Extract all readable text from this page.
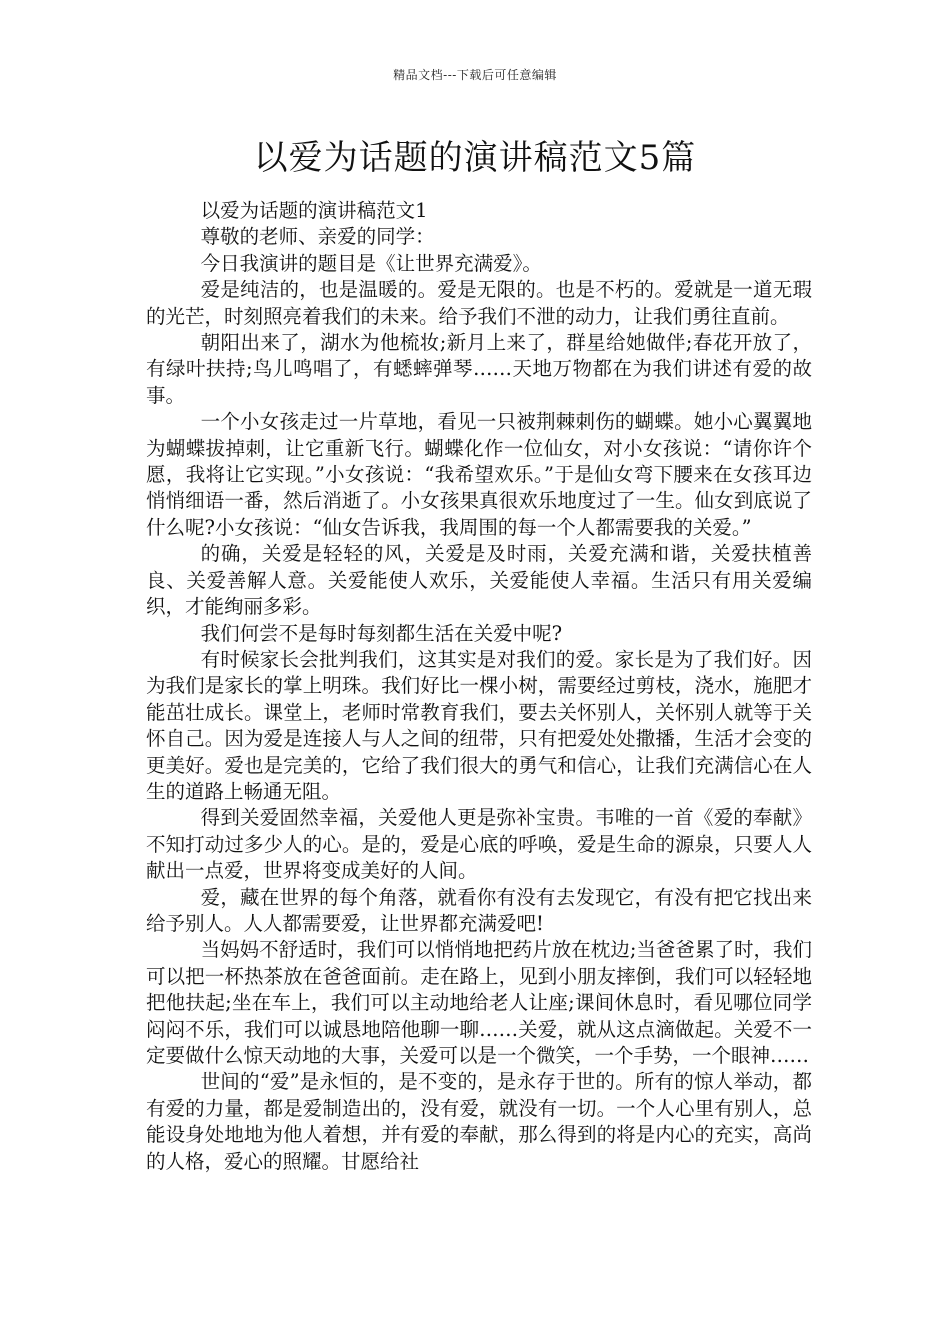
精品文档---下载后可任意编辑
以爱为话题的演讲稿范文5篇

以爱为话题的演讲稿范文1

尊敬的老师、亲爱的同学：

今日我演讲的题目是《让世界充满爱》。

爱是纯洁的，也是温暖的。爱是无限的。也是不朽的。爱就是一道无瑕的光芒，时刻照亮着我们的未来。给予我们不泄的动力，让我们勇往直前。

朝阳出来了，湖水为他梳妆;新月上来了，群星给她做伴;春花开放了，有绿叶扶持;鸟儿鸣唱了，有蟋蟀弹琴……天地万物都在为我们讲述有爱的故事。

一个小女孩走过一片草地，看见一只被荆棘刺伤的蝴蝶。她小心翼翼地为蝴蝶拔掉刺，让它重新飞行。蝴蝶化作一位仙女，对小女孩说：“请你许个愿，我将让它实现。”小女孩说：“我希望欢乐。”于是仙女弯下腰来在女孩耳边悄悄细语一番，然后消逝了。小女孩果真很欢乐地度过了一生。仙女到底说了什么呢?小女孩说：“仙女告诉我，我周围的每一个人都需要我的关爱。”

的确，关爱是轻轻的风，关爱是及时雨，关爱充满和谐，关爱扶植善良、关爱善解人意。关爱能使人欢乐，关爱能使人幸福。生活只有用关爱编织，才能绚丽多彩。

我们何尝不是每时每刻都生活在关爱中呢?

有时候家长会批判我们，这其实是对我们的爱。家长是为了我们好。因为我们是家长的掌上明珠。我们好比一棵小树，需要经过剪枝，浇水，施肥才能茁壮成长。课堂上，老师时常教育我们，要去关怀别人，关怀别人就等于关怀自己。因为爱是连接人与人之间的纽带，只有把爱处处撒播，生活才会变的更美好。爱也是完美的，它给了我们很大的勇气和信心，让我们充满信心在人生的道路上畅通无阻。

得到关爱固然幸福，关爱他人更是弥补宝贵。韦唯的一首《爱的奉献》不知打动过多少人的心。是的，爱是心底的呼唤，爱是生命的源泉，只要人人献出一点爱，世界将变成美好的人间。

爱，藏在世界的每个角落，就看你有没有去发现它，有没有把它找出来给予别人。人人都需要爱，让世界都充满爱吧!

当妈妈不舒适时，我们可以悄悄地把药片放在枕边;当爸爸累了时，我们可以把一杯热茶放在爸爸面前。走在路上，见到小朋友摔倒，我们可以轻轻地把他扶起;坐在车上，我们可以主动地给老人让座;课间休息时，看见哪位同学闷闷不乐，我们可以诚恳地陪他聊一聊……关爱，就从这点滴做起。关爱不一定要做什么惊天动地的大事，关爱可以是一个微笑，一个手势，一个眼神……

世间的“爱”是永恒的，是不变的，是永存于世的。所有的惊人举动，都有爱的力量，都是爱制造出的，没有爱，就没有一切。一个人心里有别人，总能设身处地地为他人着想，并有爱的奉献，那么得到的将是内心的充实，高尚的人格，爱心的照耀。甘愿给社
